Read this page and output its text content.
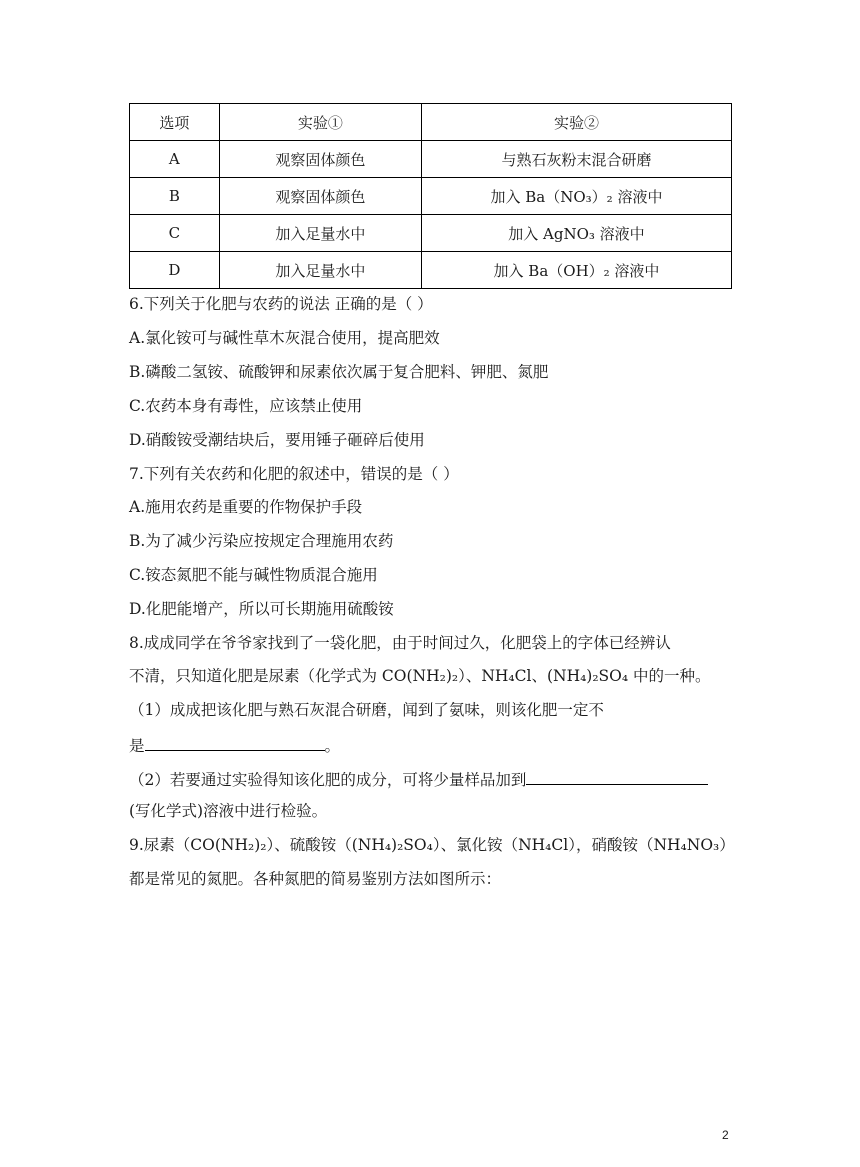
选项	实验①	实验②
A	观察固体颜色	与熟石灰粉末混合研磨
B	观察固体颜色	加入 Ba（NO₃）₂ 溶液中
C	加入足量水中	加入 AgNO₃ 溶液中
D	加入足量水中	加入 Ba（OH）₂ 溶液中
6.下列关于化肥与农药的说法 正确的是（ ）
A.氯化铵可与碱性草木灰混合使用，提高肥效
B.磷酸二氢铵、硫酸钾和尿素依次属于复合肥料、钾肥、氮肥
C.农药本身有毒性，应该禁止使用
D.硝酸铵受潮结块后，要用锤子砸碎后使用
7.下列有关农药和化肥的叙述中，错误的是（ ）
A.施用农药是重要的作物保护手段
B.为了减少污染应按规定合理施用农药
C.铵态氮肥不能与碱性物质混合施用
D.化肥能增产，所以可长期施用硫酸铵
8.成成同学在爷爷家找到了一袋化肥，由于时间过久，化肥袋上的字体已经辨认
不清，只知道化肥是尿素（化学式为 CO(NH₂)₂）、NH₄Cl、(NH₄)₂SO₄ 中的一种。
（1）成成把该化肥与熟石灰混合研磨，闻到了氨味，则该化肥一定不
是	。
（2）若要通过实验得知该化肥的成分，可将少量样品加到
(写化学式)溶液中进行检验。
9.尿素（CO(NH₂)₂）、硫酸铵（(NH₄)₂SO₄）、氯化铵（NH₄Cl），硝酸铵（NH₄NO₃）
都是常见的氮肥。各种氮肥的简易鉴别方法如图所示：
2
